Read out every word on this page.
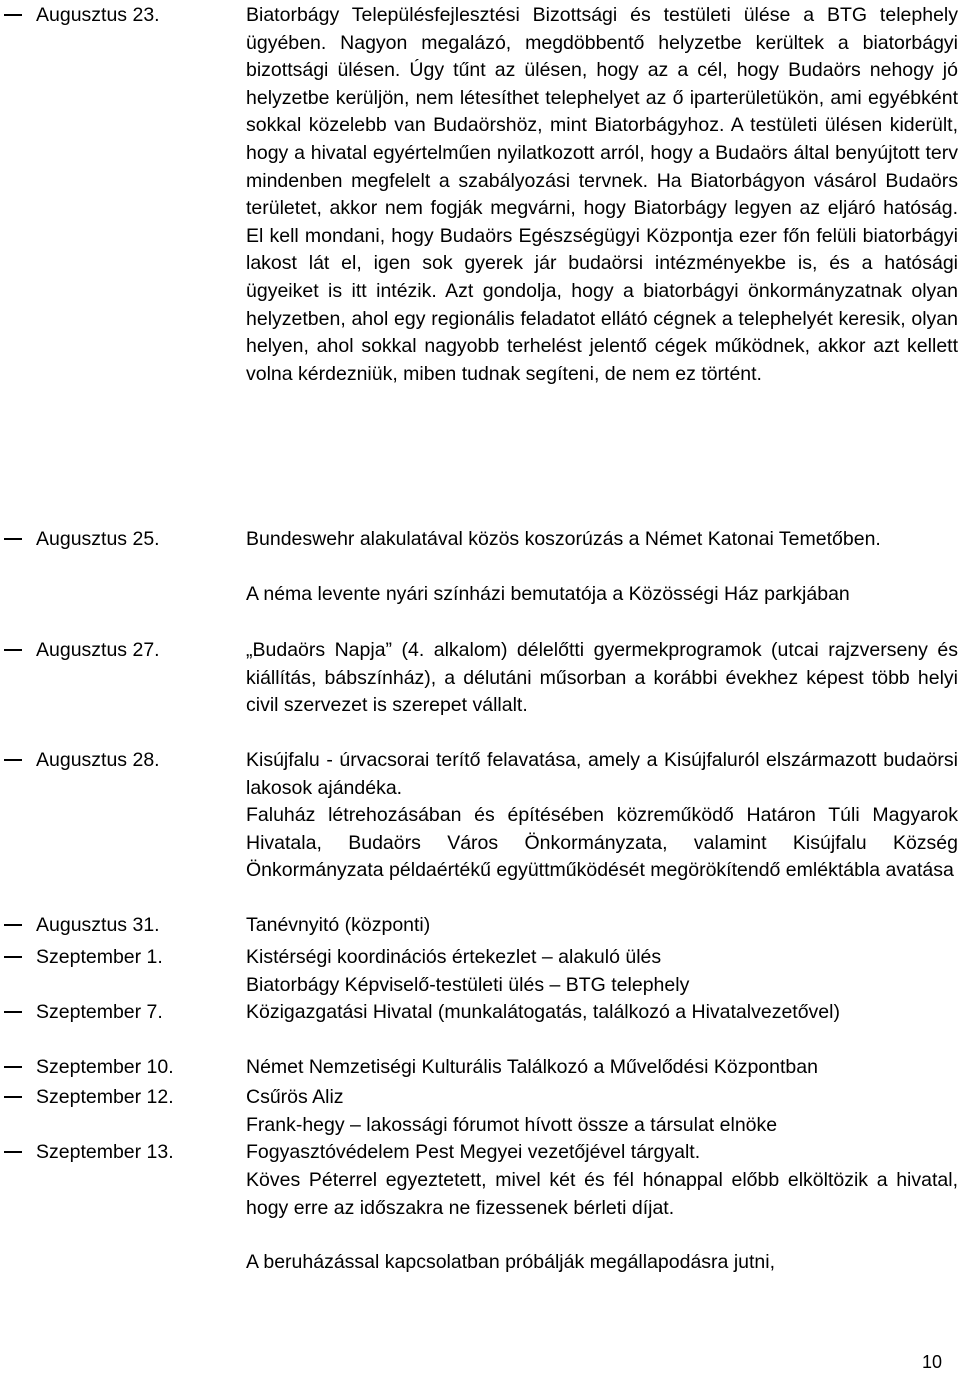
Augusztus 23.	Biatorbágy Településfejlesztési Bizottsági és testületi ülése a BTG telephely ügyében. Nagyon megalázó, megdöbbentő helyzetbe kerültek a biatorbágyi bizottsági ülésen. Úgy tűnt az ülésen, hogy az a cél, hogy Budaörs nehogy jó helyzetbe kerüljön, nem létesíthet telephelyet az ő iparterületükön, ami egyébként sokkal közelebb van Budaörshöz, mint Biatorbágyhoz. A testületi ülésen kiderült, hogy a hivatal egyértelműen nyilatkozott arról, hogy a Budaörs által benyújtott terv mindenben megfelelt a szabályozási tervnek. Ha Biatorbágyon vásárol Budaörs területet, akkor nem fogják megvárni, hogy Biatorbágy legyen az eljáró hatóság. El kell mondani, hogy Budaörs Egészségügyi Központja ezer főn felüli biatorbágyi lakost lát el, igen sok gyerek jár budaörsi intézményekbe is, és a hatósági ügyeiket is itt intézik. Azt gondolja, hogy a biatorbágyi önkormányzatnak olyan helyzetben, ahol egy regionális feladatot ellátó cégnek a telephelyét keresik, olyan helyen, ahol sokkal nagyobb terhelést jelentő cégek működnek, akkor azt kellett volna kérdezniük, miben tudnak segíteni, de nem ez történt.

Augusztus 25.	Bundeswehr alakulatával közös koszorúzás a Német Katonai Temetőben.

A néma levente nyári színházi bemutatója a Közösségi Ház parkjában

Augusztus 27.	„Budaörs Napja” (4. alkalom) délelőtti gyermekprogramok (utcai rajzverseny és kiállítás, bábszínház), a délutáni műsorban a korábbi évekhez képest több helyi civil szervezet is szerepet vállalt.

Augusztus 28.	Kisújfalu - úrvacsorai terítő felavatása, amely a Kisújfaluról elszármazott budaörsi lakosok ajándéka.

Faluház létrehozásában és építésében közreműködő Határon Túli Magyarok Hivatala, Budaörs Város Önkormányzata, valamint Kisújfalu Község Önkormányzata példaértékű együttműködését megörökítendő emléktábla avatása

Augusztus 31.	Tanévnyitó (központi)

Szeptember 1.	Kistérségi koordinációs értekezlet – alakuló ülés

Biatorbágy Képviselő-testületi ülés – BTG telephely

Szeptember 7.	Közigazgatási Hivatal (munkalátogatás, találkozó a Hivatalvezetővel)

Szeptember 10.	Német Nemzetiségi Kulturális Találkozó a Művelődési Központban

Szeptember 12.	Csűrös Aliz

Frank-hegy – lakossági fórumot hívott össze a társulat elnöke

Szeptember 13.	Fogyasztóvédelem Pest Megyei vezetőjével tárgyalt.

Köves Péterrel egyeztetett, mivel két és fél hónappal előbb elköltözik a hivatal, hogy erre az időszakra ne fizessenek bérleti díjat.

A beruházással kapcsolatban próbálják megállapodásra jutni,

10
